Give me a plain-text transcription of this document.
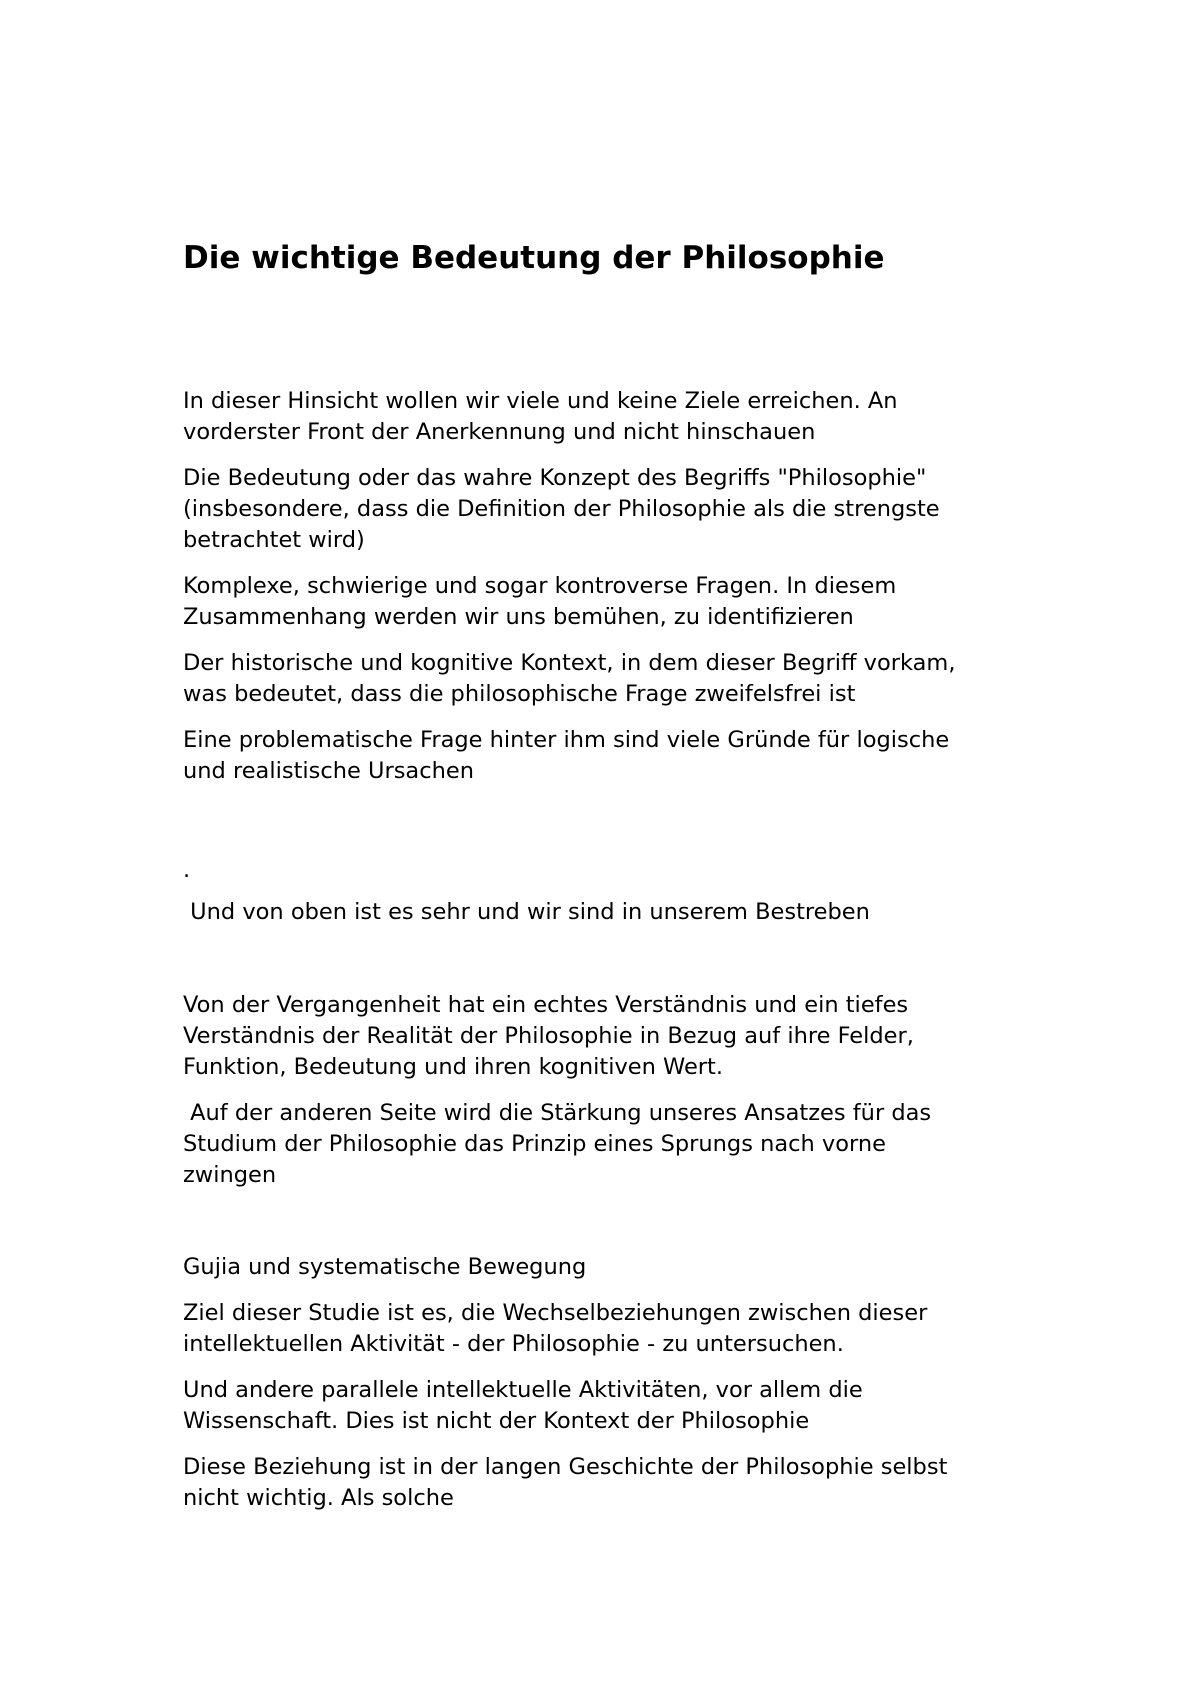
Die wichtige Bedeutung der Philosophie

In dieser Hinsicht wollen wir viele und keine Ziele erreichen. An
vorderster Front der Anerkennung und nicht hinschauen

Die Bedeutung oder das wahre Konzept des Begriffs "Philosophie"
(insbesondere, dass die Definition der Philosophie als die strengste
betrachtet wird)

Komplexe, schwierige und sogar kontroverse Fragen. In diesem
Zusammenhang werden wir uns bemühen, zu identifizieren

Der historische und kognitive Kontext, in dem dieser Begriff vorkam,
was bedeutet, dass die philosophische Frage zweifelsfrei ist

Eine problematische Frage hinter ihm sind viele Gründe für logische
und realistische Ursachen

.

Und von oben ist es sehr und wir sind in unserem Bestreben

Von der Vergangenheit hat ein echtes Verständnis und ein tiefes
Verständnis der Realität der Philosophie in Bezug auf ihre Felder,
Funktion, Bedeutung und ihren kognitiven Wert.

Auf der anderen Seite wird die Stärkung unseres Ansatzes für das
Studium der Philosophie das Prinzip eines Sprungs nach vorne
zwingen

Gujia und systematische Bewegung

Ziel dieser Studie ist es, die Wechselbeziehungen zwischen dieser
intellektuellen Aktivität - der Philosophie - zu untersuchen.

Und andere parallele intellektuelle Aktivitäten, vor allem die
Wissenschaft. Dies ist nicht der Kontext der Philosophie

Diese Beziehung ist in der langen Geschichte der Philosophie selbst
nicht wichtig. Als solche
